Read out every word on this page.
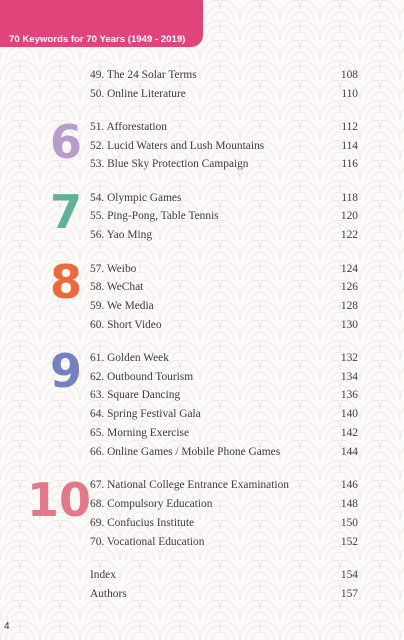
70 Keywords for 70 Years (1949 - 2019)
49. The 24 Solar Terms	108
50. Online Literature	110
6 51. Afforestation	112
52. Lucid Waters and Lush Mountains	114
53. Blue Sky Protection Campaign	116
7 54. Olympic Games	118
55. Ping-Pong, Table Tennis	120
56. Yao Ming	122
8 57. Weibo	124
58. WeChat	126
59. We Media	128
60. Short Video	130
9 61. Golden Week	132
62. Outbound Tourism	134
63. Square Dancing	136
64. Spring Festival Gala	140
65. Morning Exercise	142
66. Online Games / Mobile Phone Games	144
10
67. National College Entrance Examination	146
68. Compulsory Education	148
69. Confucius Institute	150
70. Vocational Education	152
Index	154
Authors	157
4
